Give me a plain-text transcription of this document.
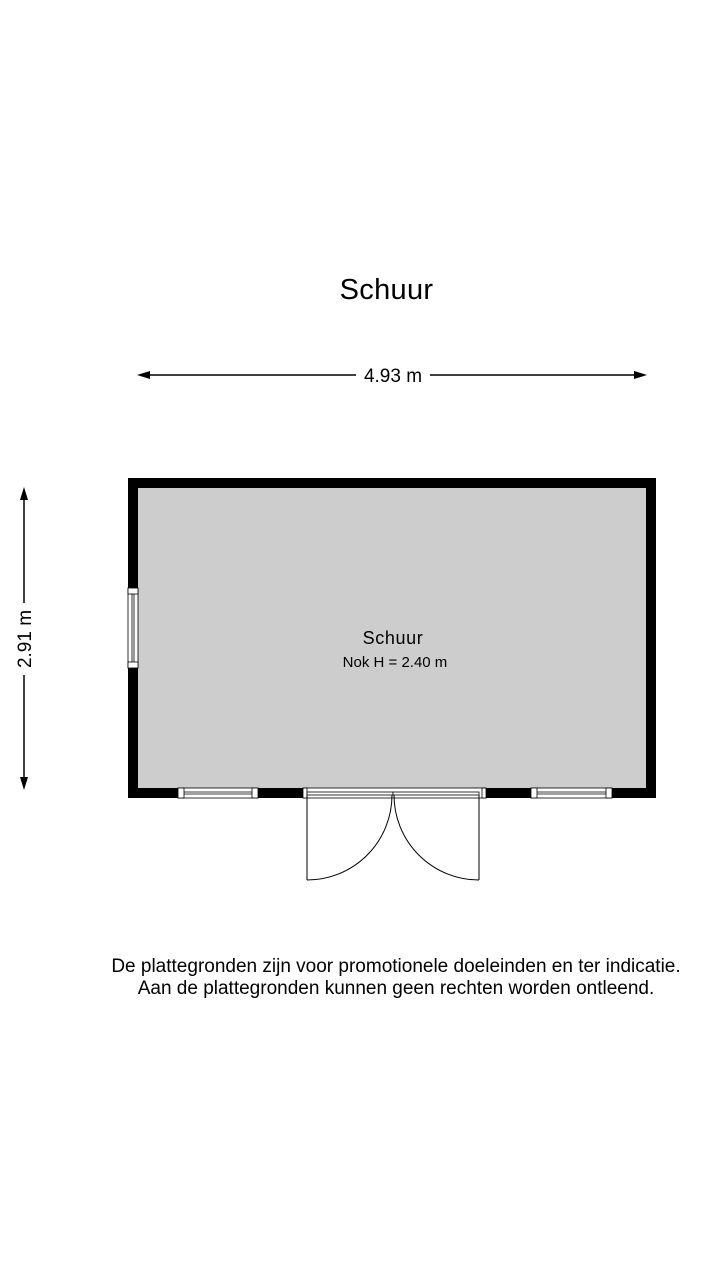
Schuur
4.93 m
2.91 m	Schuur
Nok H = 2.40 m
De plattegronden zijn voor promotionele doeleinden en ter indicatie.
Aan de plattegronden kunnen geen rechten worden ontleend.
